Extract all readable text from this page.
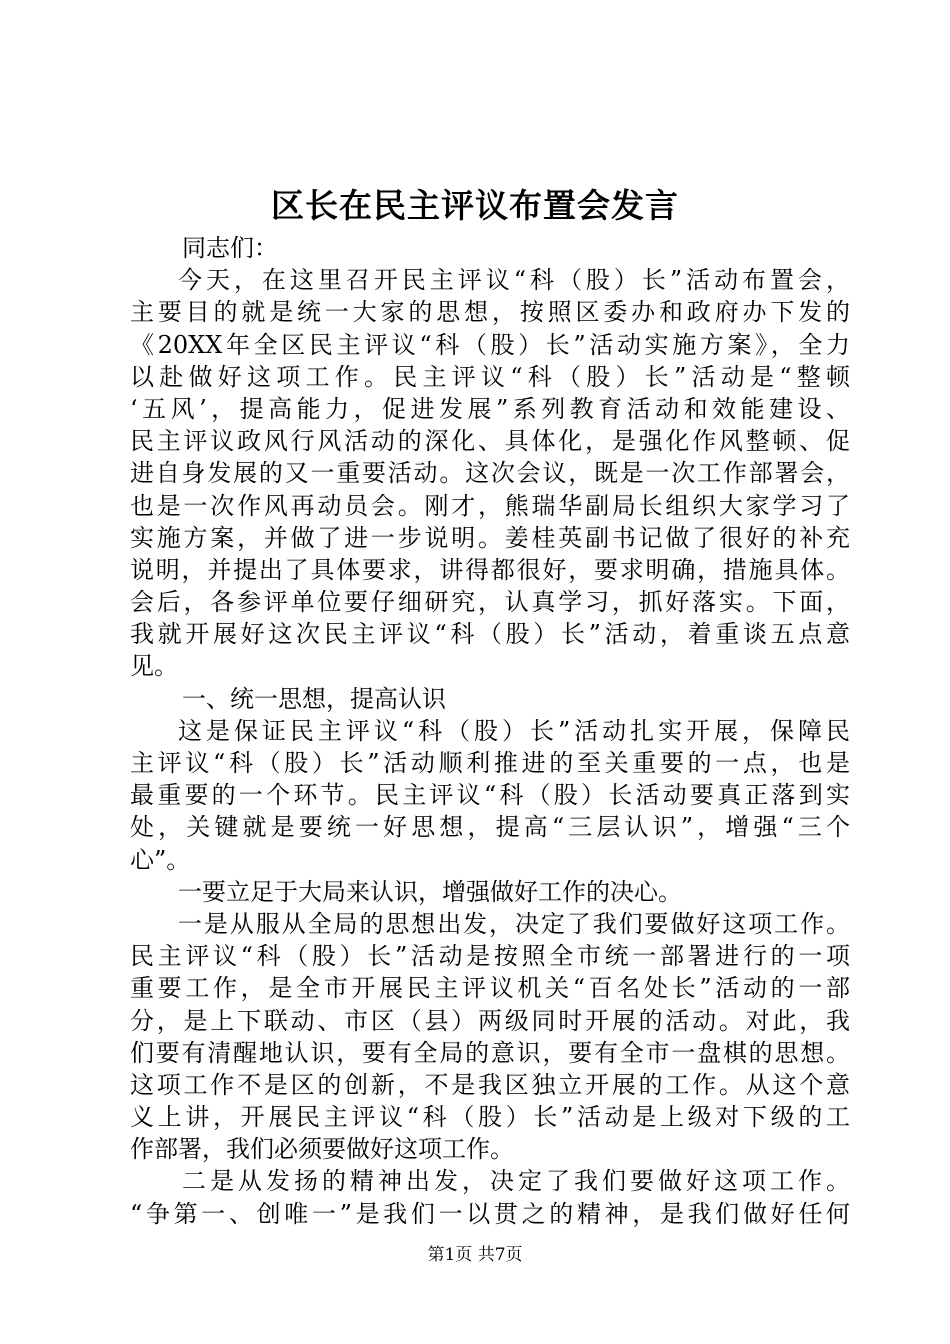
区长在民主评议布置会发言
同志们：
今天，在这里召开民主评议“科（股）长”活动布置会，
主要目的就是统一大家的思想，按照区委办和政府办下发的
《20XX年全区民主评议“科（股）长”活动实施方案》，全力
以赴做好这项工作。民主评议“科（股）长”活动是“整顿
‘五风’，提高能力，促进发展”系列教育活动和效能建设、
民主评议政风行风活动的深化、具体化，是强化作风整顿、促
进自身发展的又一重要活动。这次会议，既是一次工作部署会，
也是一次作风再动员会。刚才，熊瑞华副局长组织大家学习了
实施方案，并做了进一步说明。姜桂英副书记做了很好的补充
说明，并提出了具体要求，讲得都很好，要求明确，措施具体。
会后，各参评单位要仔细研究，认真学习，抓好落实。下面，
我就开展好这次民主评议“科（股）长”活动，着重谈五点意
见。
一、统一思想，提高认识
这是保证民主评议“科（股）长”活动扎实开展，保障民
主评议“科（股）长”活动顺利推进的至关重要的一点，也是
最重要的一个环节。民主评议“科（股）长活动要真正落到实
处，关键就是要统一好思想，提高“三层认识”，增强“三个
心”。
一要立足于大局来认识，增强做好工作的决心。
一是从服从全局的思想出发，决定了我们要做好这项工作。
民主评议“科（股）长”活动是按照全市统一部署进行的一项
重要工作，是全市开展民主评议机关“百名处长”活动的一部
分，是上下联动、市区（县）两级同时开展的活动。对此，我
们要有清醒地认识，要有全局的意识，要有全市一盘棋的思想。
这项工作不是区的创新，不是我区独立开展的工作。从这个意
义上讲，开展民主评议“科（股）长”活动是上级对下级的工
作部署，我们必须要做好这项工作。
二是从发扬的精神出发，决定了我们要做好这项工作。
“争第一、创唯一”是我们一以贯之的精神，是我们做好任何
第1页 共7页
